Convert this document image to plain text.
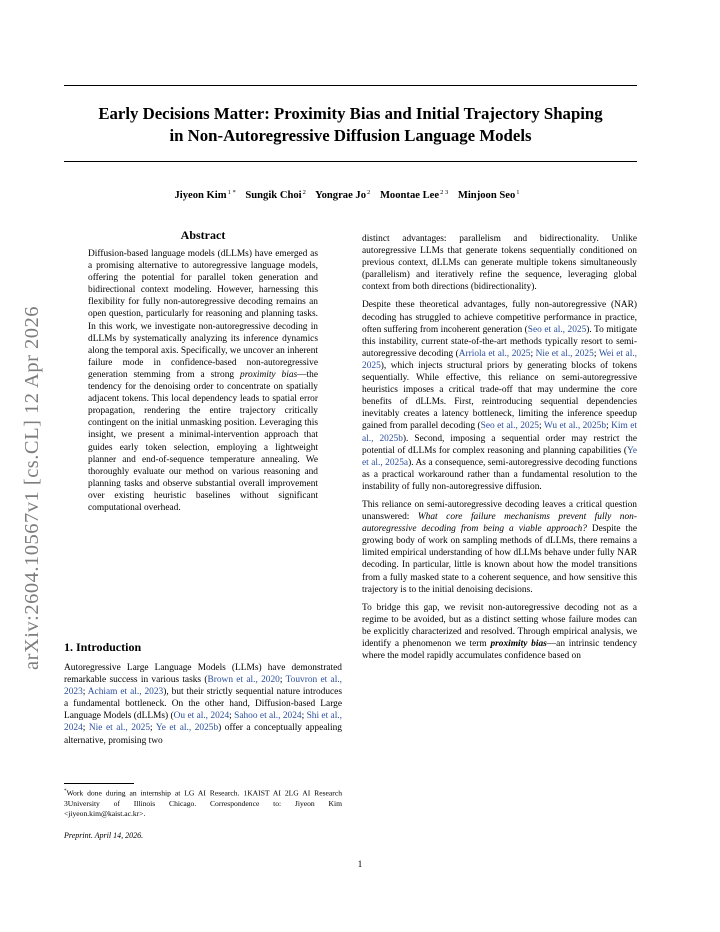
Early Decisions Matter: Proximity Bias and Initial Trajectory Shaping
in Non-Autoregressive Diffusion Language Models
Jiyeon Kim$^{1 *}$ Sungik Choi$^2$ Yongrae Jo$^2$ Moontae Lee$^{2 3}$ Minjoon Seo$^1$
arXiv:2604.10567v1 [cs.CL] 12 Apr 2026
Abstract
Diffusion-based language models (dLLMs) have emerged as a promising alternative to autoregressive language models, offering the potential for parallel token generation and bidirectional context modeling. However, harnessing this flexibility for fully non-autoregressive decoding remains an open question, particularly for reasoning and planning tasks. In this work, we investigate non-autoregressive decoding in dLLMs by systematically analyzing its inference dynamics along the temporal axis. Specifically, we uncover an inherent failure mode in confidence-based non-autoregressive generation stemming from a strong proximity bias—the tendency for the denoising order to concentrate on spatially adjacent tokens. This local dependency leads to spatial error propagation, rendering the entire trajectory critically contingent on the initial unmasking position. Leveraging this insight, we present a minimal-intervention approach that guides early token selection, employing a lightweight planner and end-of-sequence temperature annealing. We thoroughly evaluate our method on various reasoning and planning tasks and observe substantial overall improvement over existing heuristic baselines without significant computational overhead.
1. Introduction
Autoregressive Large Language Models (LLMs) have demonstrated remarkable success in various tasks (Brown et al., 2020; Touvron et al., 2023; Achiam et al., 2023), but their strictly sequential nature introduces a fundamental bottleneck. On the other hand, Diffusion-based Large Language Models (dLLMs) (Ou et al., 2024; Sahoo et al., 2024; Shi et al., 2024; Nie et al., 2025; Ye et al., 2025b) offer a conceptually appealing alternative, promising two
*Work done during an internship at LG AI Research. 1KAIST AI 2LG AI Research 3University of Illinois Chicago. Correspondence to: Jiyeon Kim <jiyeon.kim@kaist.ac.kr>.
Preprint. April 14, 2026.

distinct advantages: parallelism and bidirectionality. Unlike autoregressive LLMs that generate tokens sequentially conditioned on previous context, dLLMs can generate multiple tokens simultaneously (parallelism) and iteratively refine the sequence, leveraging global context from both directions (bidirectionality).

Despite these theoretical advantages, fully non-autoregressive (NAR) decoding has struggled to achieve competitive performance in practice, often suffering from incoherent generation (Seo et al., 2025). To mitigate this instability, current state-of-the-art methods typically resort to semi-autoregressive decoding (Arriola et al., 2025; Nie et al., 2025; Wei et al., 2025), which injects structural priors by generating blocks of tokens sequentially. While effective, this reliance on semi-autoregressive heuristics imposes a critical trade-off that may undermine the core benefits of dLLMs. First, reintroducing sequential dependencies inevitably creates a latency bottleneck, limiting the inference speedup gained from parallel decoding (Seo et al., 2025; Wu et al., 2025b; Kim et al., 2025b). Second, imposing a sequential order may restrict the potential of dLLMs for complex reasoning and planning capabilities (Ye et al., 2025a). As a consequence, semi-autoregressive decoding functions as a practical workaround rather than a fundamental resolution to the instability of fully non-autoregressive diffusion.

This reliance on semi-autoregressive decoding leaves a critical question unanswered: What core failure mechanisms prevent fully non-autoregressive decoding from being a viable approach? Despite the growing body of work on sampling methods of dLLMs, there remains a limited empirical understanding of how dLLMs behave under fully NAR decoding. In particular, little is known about how the model transitions from a fully masked state to a coherent sequence, and how sensitive this trajectory is to the initial denoising decisions.

To bridge this gap, we revisit non-autoregressive decoding not as a regime to be avoided, but as a distinct setting whose failure modes can be explicitly characterized and resolved. Through empirical analysis, we identify a phenomenon we term proximity bias—an intrinsic tendency where the model rapidly accumulates confidence based on

1
